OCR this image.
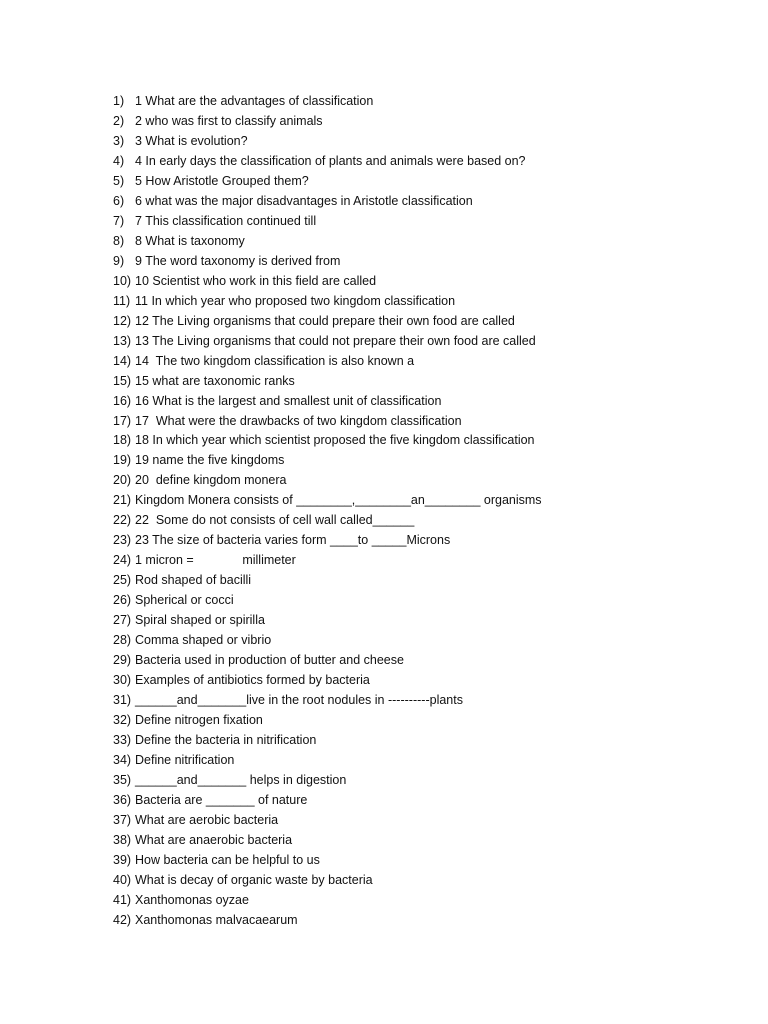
1) 1 What are the advantages of classification
2) 2 who was first to classify animals
3) 3 What is evolution?
4) 4 In early days the classification of plants and animals were based on?
5) 5 How Aristotle Grouped them?
6) 6 what was the major disadvantages in Aristotle classification
7) 7 This classification continued till
8) 8 What is taxonomy
9) 9 The word taxonomy is derived from
10) 10 Scientist who work in this field are called
11) 11 In which year who proposed two kingdom classification
12) 12 The Living organisms that could prepare their own food are called
13) 13 The Living organisms that could not prepare their own food are called
14) 14  The two kingdom classification is also known a
15) 15 what are taxonomic ranks
16) 16 What is the largest and smallest unit of classification
17) 17  What were the drawbacks of two kingdom classification
18) 18 In which year which scientist proposed the five kingdom classification
19) 19 name the five kingdoms
20) 20  define kingdom monera
21) Kingdom Monera consists of ________,________an________ organisms
22) 22  Some do not consists of cell wall called______
23) 23 The size of bacteria varies form ____to _____Microns
24) 1 micron =              millimeter
25) Rod shaped of bacilli
26) Spherical or cocci
27) Spiral shaped or spirilla
28) Comma shaped or vibrio
29) Bacteria used in production of butter and cheese
30) Examples of antibiotics formed by bacteria
31) ______and_______live in the root nodules in ----------plants
32) Define nitrogen fixation
33) Define the bacteria in nitrification
34) Define nitrification
35) ______and_______ helps in digestion
36) Bacteria are _______ of nature
37) What are aerobic bacteria
38) What are anaerobic bacteria
39) How bacteria can be helpful to us
40) What is decay of organic waste by bacteria
41) Xanthomonas oyzae
42) Xanthomonas malvacaearum
